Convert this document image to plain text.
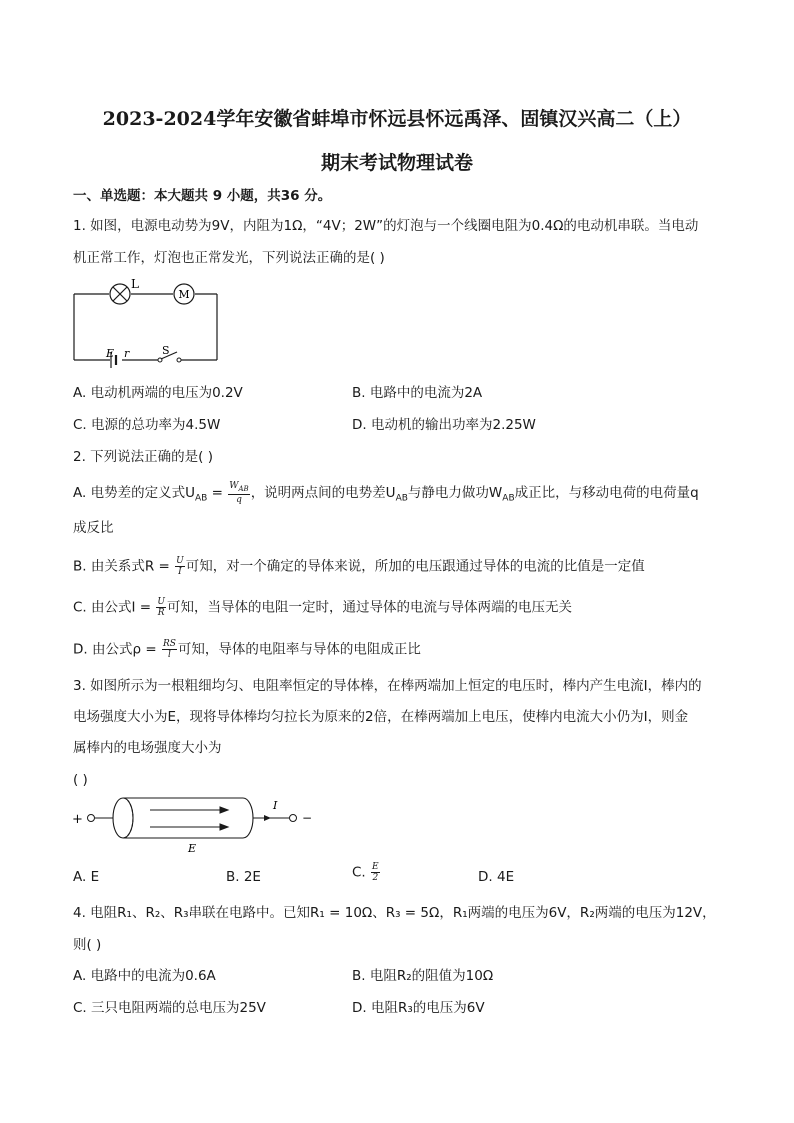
2023-2024学年安徽省蚌埠市怀远县怀远禹泽、固镇汉兴高二（上）
期末考试物理试卷
一、单选题：本大题共 9 小题，共36 分。
1. 如图，电源电动势为9V，内阻为1Ω，“4V；2W”的灯泡与一个线圈电阻为0.4Ω的电动机串联。当电动
机正常工作，灯泡也正常发光，下列说法正确的是( )
L
M
E r	S
A. 电动机两端的电压为0.2V	B. 电路中的电流为2A
C. 电源的总功率为4.5W	D. 电动机的输出功率为2.25W
2. 下列说法正确的是( )
A. 电势差的定义式$U_{AB} = \frac{W_{AB}}{q}$ ，说明两点间的电势差$U_{AB}$与静电力做功$W_{AB}$成正比，与移动电荷的电荷量q
成反比
B. 由关系式$R = \frac{U}{I}$ 可知，对一个确定的导体来说，所加的电压跟通过导体的电流的比值是一定值
C. 由公式$I = \frac{U}{R}$ 可知，当导体的电阻一定时，通过导体的电流与导体两端的电压无关
D. 由公式$\rho = \frac{RS}{l}$ 可知，导体的电阻率与导体的电阻成正比
3. 如图所示为一根粗细均匀、电阻率恒定的导体棒，在棒两端加上恒定的电压时，棒内产生电流I，棒内的
电场强度大小为E，现将导体棒均匀拉长为原来的2倍，在棒两端加上电压，使棒内电流大小仍为I，则金
属棒内的电场强度大小为
( )
+
I
−
E
A. E	B. 2E	C. $\frac{E}{2}$	D. 4E
4. 电阻R₁、R₂、R₃串联在电路中。已知R₁ = 10Ω、R₃ = 5Ω，R₁两端的电压为6V，R₂两端的电压为12V，
则( )
A. 电路中的电流为0.6A	B. 电阻R₂的阻值为10Ω
C. 三只电阻两端的总电压为25V	D. 电阻R₃的电压为6V
